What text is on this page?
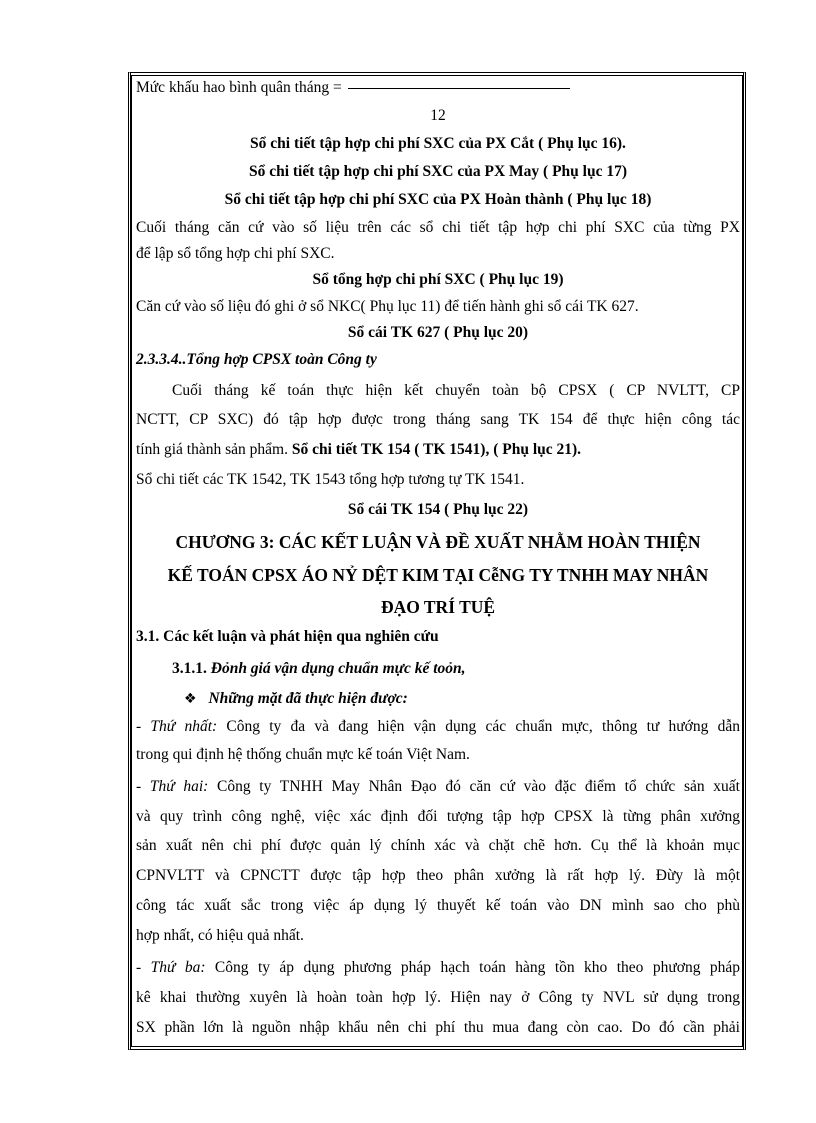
Mức khấu hao bình quân tháng =
12
Sổ chi tiết tập hợp chi phí SXC của PX Cắt ( Phụ lục 16).
Sổ chi tiết tập hợp chi phí SXC của PX May ( Phụ lục 17)
Sổ chi tiết tập hợp chi phí SXC của PX Hoàn thành ( Phụ lục 18)
Cuối tháng căn cứ vào số liệu trên các sổ chi tiết tập hợp chi phí SXC của từng PX
để lập sổ tổng hợp chi phí SXC.
Sổ tổng hợp chi phí SXC ( Phụ lục 19)
Căn cứ vào số liệu đó ghi ở sổ NKC( Phụ lục 11) để tiến hành ghi sổ cái TK 627.
Sổ cái TK 627 ( Phụ lục 20)
2.3.3.4..Tổng hợp CPSX toàn Công ty
Cuối tháng kế toán thực hiện kết chuyển toàn bộ CPSX ( CP NVLTT, CP
NCTT, CP SXC) đó tập hợp được trong tháng sang TK 154 để thực hiện công tác
tính giá thành sản phẩm. Sổ chi tiết TK 154 ( TK 1541), ( Phụ lục 21).
Sổ chi tiết các TK 1542, TK 1543 tổng hợp tương tự TK 1541.
Sổ cái TK 154 ( Phụ lục 22)
CHƯƠNG 3: CÁC KẾT LUẬN VÀ ĐỀ XUẤT NHẰM HOÀN THIỆN
KẾ TOÁN CPSX ÁO NỶ DỆT KIM TẠI CễNG TY TNHH MAY NHÂN
ĐẠO TRÍ TUỆ
3.1. Các kết luận và phát hiện qua nghiên cứu
3.1.1. Đỏnh giá vận dụng chuẩn mực kế toỏn,
❖ Những mặt đã thực hiện được:
- Thứ nhất: Công ty đa và đang hiện vận dụng các chuẩn mực, thông tư hướng dẫn
trong qui định hệ thống chuẩn mực kế toán Việt Nam.
- Thứ hai: Công ty TNHH May Nhân Đạo đó căn cứ vào đặc điểm tổ chức sản xuất
và quy trình công nghệ, việc xác định đối tượng tập hợp CPSX là từng phân xưởng
sản xuất nên chi phí được quản lý chính xác và chặt chẽ hơn. Cụ thể là khoản mục
CPNVLTT và CPNCTT được tập hợp theo phân xưởng là rất hợp lý. Đừy là một
công tác xuất sắc trong việc áp dụng lý thuyết kế toán vào DN mình sao cho phù
hợp nhất, có hiệu quả nhất.
- Thứ ba: Công ty áp dụng phương pháp hạch toán hàng tồn kho theo phương pháp
kê khai thường xuyên là hoàn toàn hợp lý. Hiện nay ở Công ty NVL sử dụng trong
SX phần lớn là nguồn nhập khẩu nên chi phí thu mua đang còn cao. Do đó cần phải
